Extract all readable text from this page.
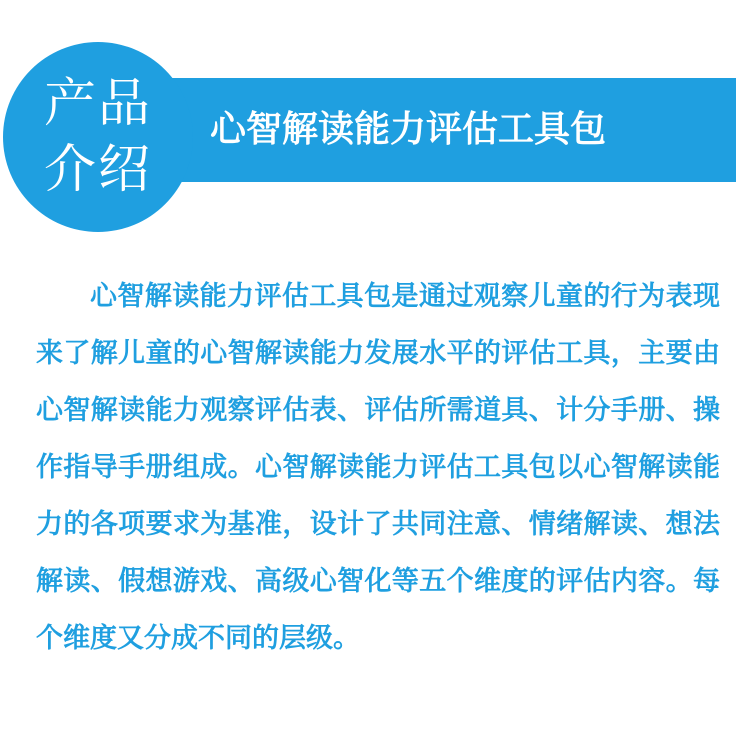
心智解读能力评估工具包
产品
介绍

心智解读能力评估工具包是通过观察儿童的行为表现来了解儿童的心智解读能力发展水平的评估工具，主要由心智解读能力观察评估表、评估所需道具、计分手册、操作指导手册组成。心智解读能力评估工具包以心智解读能力的各项要求为基准，设计了共同注意、情绪解读、想法解读、假想游戏、高级心智化等五个维度的评估内容。每个维度又分成不同的层级。
